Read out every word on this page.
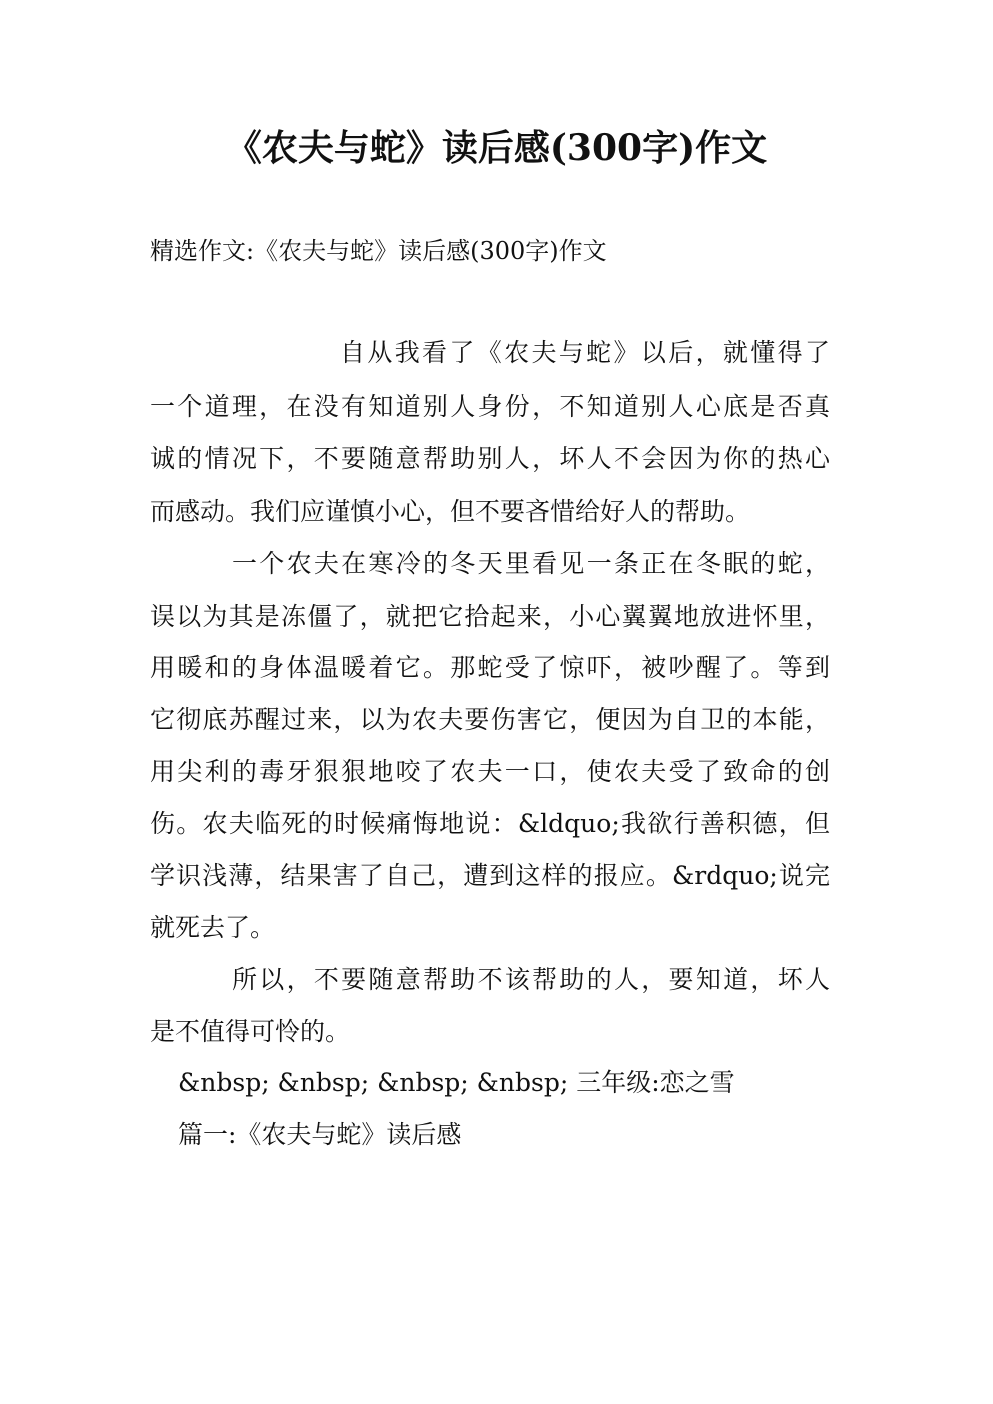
《农夫与蛇》读后感(300字)作文
精选作文:《农夫与蛇》读后感(300字)作文
自从我看了《农夫与蛇》以后，就懂得了
一个道理，在没有知道别人身份，不知道别人心底是否真
诚的情况下，不要随意帮助别人，坏人不会因为你的热心
而感动。我们应谨慎小心，但不要吝惜给好人的帮助。
一个农夫在寒冷的冬天里看见一条正在冬眠的蛇，
误以为其是冻僵了，就把它拾起来，小心翼翼地放进怀里，
用暖和的身体温暖着它。那蛇受了惊吓，被吵醒了。等到
它彻底苏醒过来，以为农夫要伤害它，便因为自卫的本能，
用尖利的毒牙狠狠地咬了农夫一口，使农夫受了致命的创
伤。农夫临死的时候痛悔地说：&ldquo;我欲行善积德，但
学识浅薄，结果害了自己，遭到这样的报应。&rdquo;说完
就死去了。
所以，不要随意帮助不该帮助的人，要知道，坏人
是不值得可怜的。
&nbsp; &nbsp; &nbsp; &nbsp; 三年级:恋之雪
篇一:《农夫与蛇》读后感
